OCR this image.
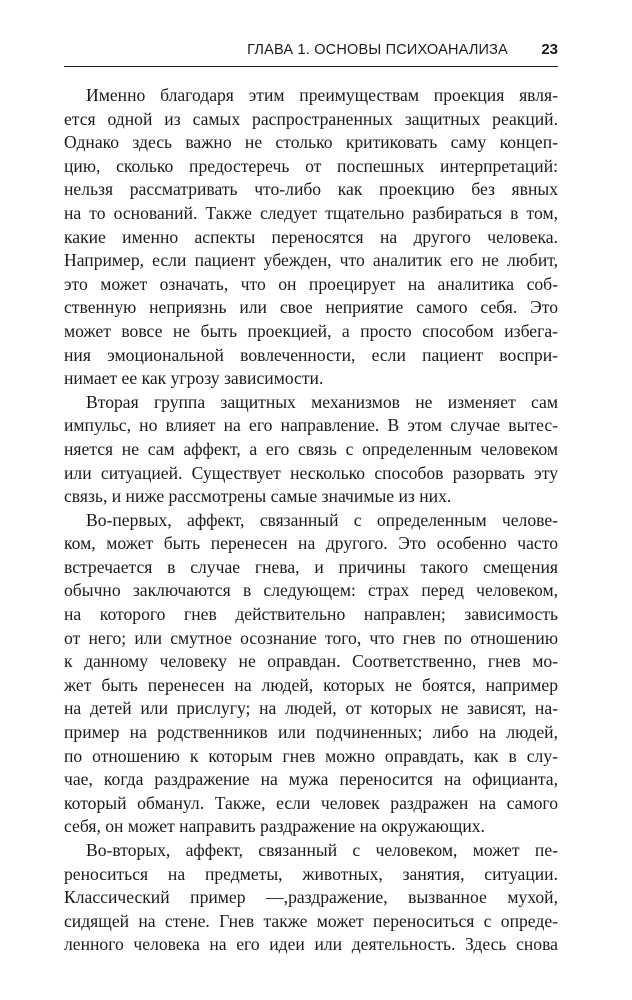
ГЛАВА 1. ОСНОВЫ ПСИХОАНАЛИЗА 23
Именно благодаря этим преимуществам проекция явля-
ется одной из самых распространенных защитных реакций.
Однако здесь важно не столько критиковать саму концеп-
цию, сколько предостеречь от поспешных интерпретаций:
нельзя рассматривать что-либо как проекцию без явных
на то оснований. Также следует тщательно разбираться в том,
какие именно аспекты переносятся на другого человека.
Например, если пациент убежден, что аналитик его не любит,
это может означать, что он проецирует на аналитика соб-
ственную неприязнь или свое неприятие самого себя. Это
может вовсе не быть проекцией, а просто способом избега-
ния эмоциональной вовлеченности, если пациент воспри-
нимает ее как угрозу зависимости.
Вторая группа защитных механизмов не изменяет сам
импульс, но влияет на его направление. В этом случае вытес-
няется не сам аффект, а его связь с определенным человеком
или ситуацией. Существует несколько способов разорвать эту
связь, и ниже рассмотрены самые значимые из них.
Во-первых, аффект, связанный с определенным челове-
ком, может быть перенесен на другого. Это особенно часто
встречается в случае гнева, и причины такого смещения
обычно заключаются в следующем: страх перед человеком,
на которого гнев действительно направлен; зависимость
от него; или смутное осознание того, что гнев по отношению
к данному человеку не оправдан. Соответственно, гнев мо-
жет быть перенесен на людей, которых не боятся, например
на детей или прислугу; на людей, от которых не зависят, на-
пример на родственников или подчиненных; либо на людей,
по отношению к которым гнев можно оправдать, как в слу-
чае, когда раздражение на мужа переносится на официанта,
который обманул. Также, если человек раздражен на самого
себя, он может направить раздражение на окружающих.
Во-вторых, аффект, связанный с человеком, может пе-
реноситься на предметы, животных, занятия, ситуации.
Классический пример —,раздражение, вызванное мухой,
сидящей на стене. Гнев также может переноситься с опреде-
ленного человека на его идеи или деятельность. Здесь снова
